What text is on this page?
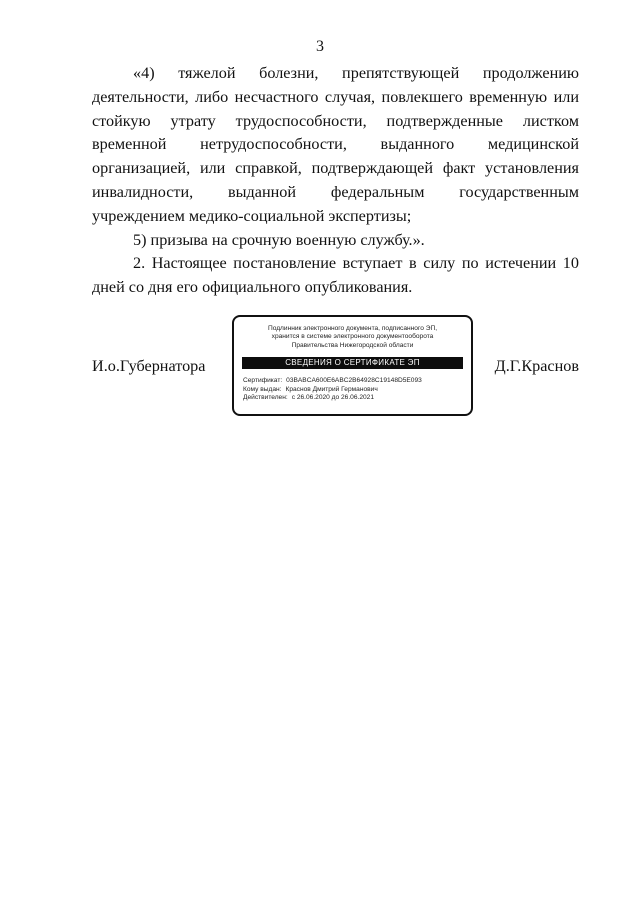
3

«4) тяжелой болезни, препятствующей продолжению деятельности, либо несчастного случая, повлекшего временную или стойкую утрату трудоспособности, подтвержденные листком временной нетрудоспособности, выданного медицинской организацией, или справкой, подтверждающей факт установления инвалидности, выданной федеральным государственным учреждением медико-социальной экспертизы;

5) призыва на срочную военную службу.».

2. Настоящее постановление вступает в силу по истечении 10 дней со дня его официального опубликования.

И.о.Губернатора	Д.Г.Краснов
Подлинник электронного документа, подписанного ЭП,
хранится в системе электронного документооборота
Правительства Нижегородской области
СВЕДЕНИЯ О СЕРТИФИКАТЕ ЭП
Сертификат: 03BABCA600E6ABC2B64928C19148D5E093
Кому выдан: Краснов Дмитрий Германович
Действителен: с 26.06.2020 до 26.06.2021
